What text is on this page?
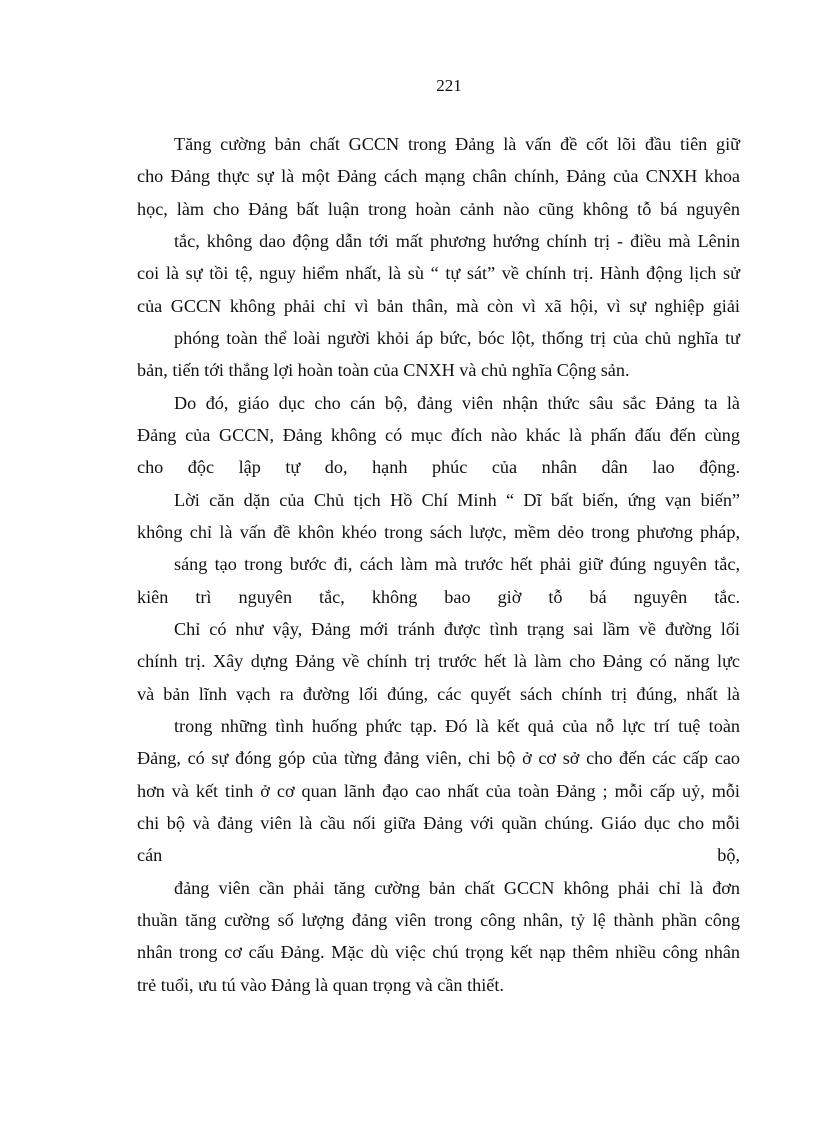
221
Tăng cường bản chất GCCN trong Đảng là vấn đề cốt lõi đầu tiên giữ
cho Đảng thực sự là một Đảng cách mạng chân chính, Đảng của CNXH khoa
học, làm cho Đảng bất luận trong hoàn cảnh nào cũng không tỗ bá nguyên
tắc, không dao động dẫn tới mất phương hướng chính trị - điều mà Lênin
coi là sự tồi tệ, nguy hiểm nhất, là sù “ tự sát” về chính trị. Hành động lịch sử
của GCCN không phải chỉ vì bản thân, mà còn vì xã hội, vì sự nghiệp giải
phóng toàn thể loài người khỏi áp bức, bóc lột, thống trị của chủ nghĩa tư
bản, tiến tới thắng lợi hoàn toàn của CNXH và chủ nghĩa Cộng sản.
Do đó, giáo dục cho cán bộ, đảng viên nhận thức sâu sắc Đảng ta là
Đảng của GCCN, Đảng không có mục đích nào khác là phấn đấu đến cùng
cho độc lập tự do, hạnh phúc của nhân dân lao động.
Lời căn dặn của Chủ tịch Hồ Chí Minh “ Dĩ bất biến, ứng vạn biến”
không chỉ là vấn đề khôn khéo trong sách lược, mềm dẻo trong phương pháp,
sáng tạo trong bước đi, cách làm mà trước hết phải giữ đúng nguyên tắc,
kiên trì nguyên tắc, không bao giờ tỗ bá nguyên tắc.
Chỉ có như vậy, Đảng mới tránh được tình trạng sai lầm về đường lối
chính trị. Xây dựng Đảng về chính trị trước hết là làm cho Đảng có năng lực
và bản lĩnh vạch ra đường lối đúng, các quyết sách chính trị đúng, nhất là
trong những tình huống phức tạp. Đó là kết quả của nỗ lực trí tuệ toàn
Đảng, có sự đóng góp của từng đảng viên, chi bộ ở cơ sở cho đến các cấp cao
hơn và kết tinh ở cơ quan lãnh đạo cao nhất của toàn Đảng ; mỗi cấp uỷ, mỗi
chi bộ và đảng viên là cầu nối giữa Đảng với quần chúng. Giáo dục cho mỗi
cán bộ,
đảng viên cần phải tăng cường bản chất GCCN không phải chỉ là đơn
thuần tăng cường số lượng đảng viên trong công nhân, tỷ lệ thành phần công
nhân trong cơ cấu Đảng. Mặc dù việc chú trọng kết nạp thêm nhiều công nhân
trẻ tuổi, ưu tú vào Đảng là quan trọng và cần thiết.
